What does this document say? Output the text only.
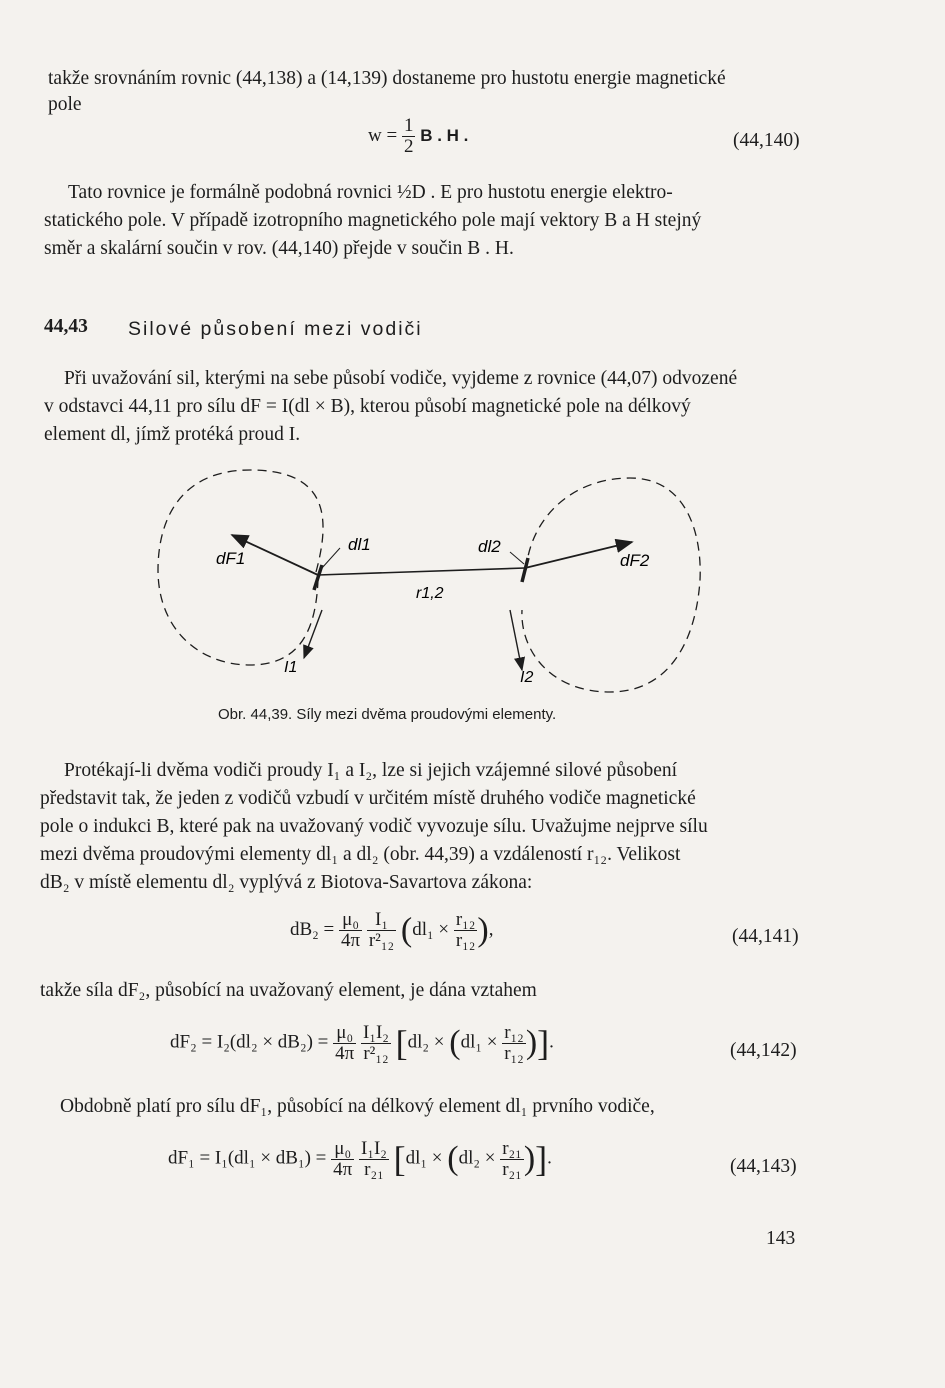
takže srovnáním rovnic (44,138) a (14,139) dostaneme pro hustotu energie magnetické
pole
$w = \frac{1}{2}$ B . H .	(44,140)
Tato rovnice je formálně podobná rovnici ½D . E pro hustotu energie elektro-
statického pole. V případě izotropního magnetického pole mají vektory B a H stejný
směr a skalární součin v rov. (44,140) přejde v součin B . H.
44,43 Silové působení mezi vodiči
Při uvažování sil, kterými na sebe působí vodiče, vyjdeme z rovnice (44,07) odvozené
v odstavci 44,11 pro sílu dF = I(dl × B), kterou působí magnetické pole na délkový
element dl, jímž protéká proud I.
dF1
dl1	dl2
dF2
r1,2
I1
I2
Obr. 44,39. Síly mezi dvěma proudovými elementy.
Protékají-li dvěma vodiči proudy I₁ a I₂, lze si jejich vzájemné silové působení
představit tak, že jeden z vodičů vzbudí v určitém místě druhého vodiče magnetické
pole o indukci B, které pak na uvažovaný vodič vyvozuje sílu. Uvažujme nejprve sílu
mezi dvěma proudovými elementy dl₁ a dl₂ (obr. 44,39) a vzdáleností r₁₂. Velikost
dB₂ v místě elementu dl₂ vyplývá z Biotova-Savartova zákona:
$dB_2 = \frac{\text{μ₀}}{4\pi}$
$\frac{\text{I₁}}{\text{r²₁₂}} (dl_1 \times \frac{\text{r₁₂}}{\text{r₁₂}}$ ),	(44,141)
takže síla dF₂, působící na uvažovaný element, je dána vztahem
$dF_2 = I_2(dl_2 \times dB_2) = \frac{\text{μ₀}}{4\pi}$
$\frac{\text{I₁I₂}}{\text{r²₁₂}} [dl_2 \times (dl_1 \times \frac{\text{r₁₂}}{\text{r₁₂}}$ )].	(44,142)
Obdobně platí pro sílu dF₁, působící na délkový element dl₁ prvního vodiče,
$dF_1 = I_1(dl_1 \times dB_1) = \frac{\text{μ₀}}{4\pi}$
$\frac{\text{I₁I₂}}{\text{r₂₁}} [dl_1 \times (dl_2 \times \frac{\text{r₂₁}}{\text{r₂₁}}$ )].	(44,143)
143
